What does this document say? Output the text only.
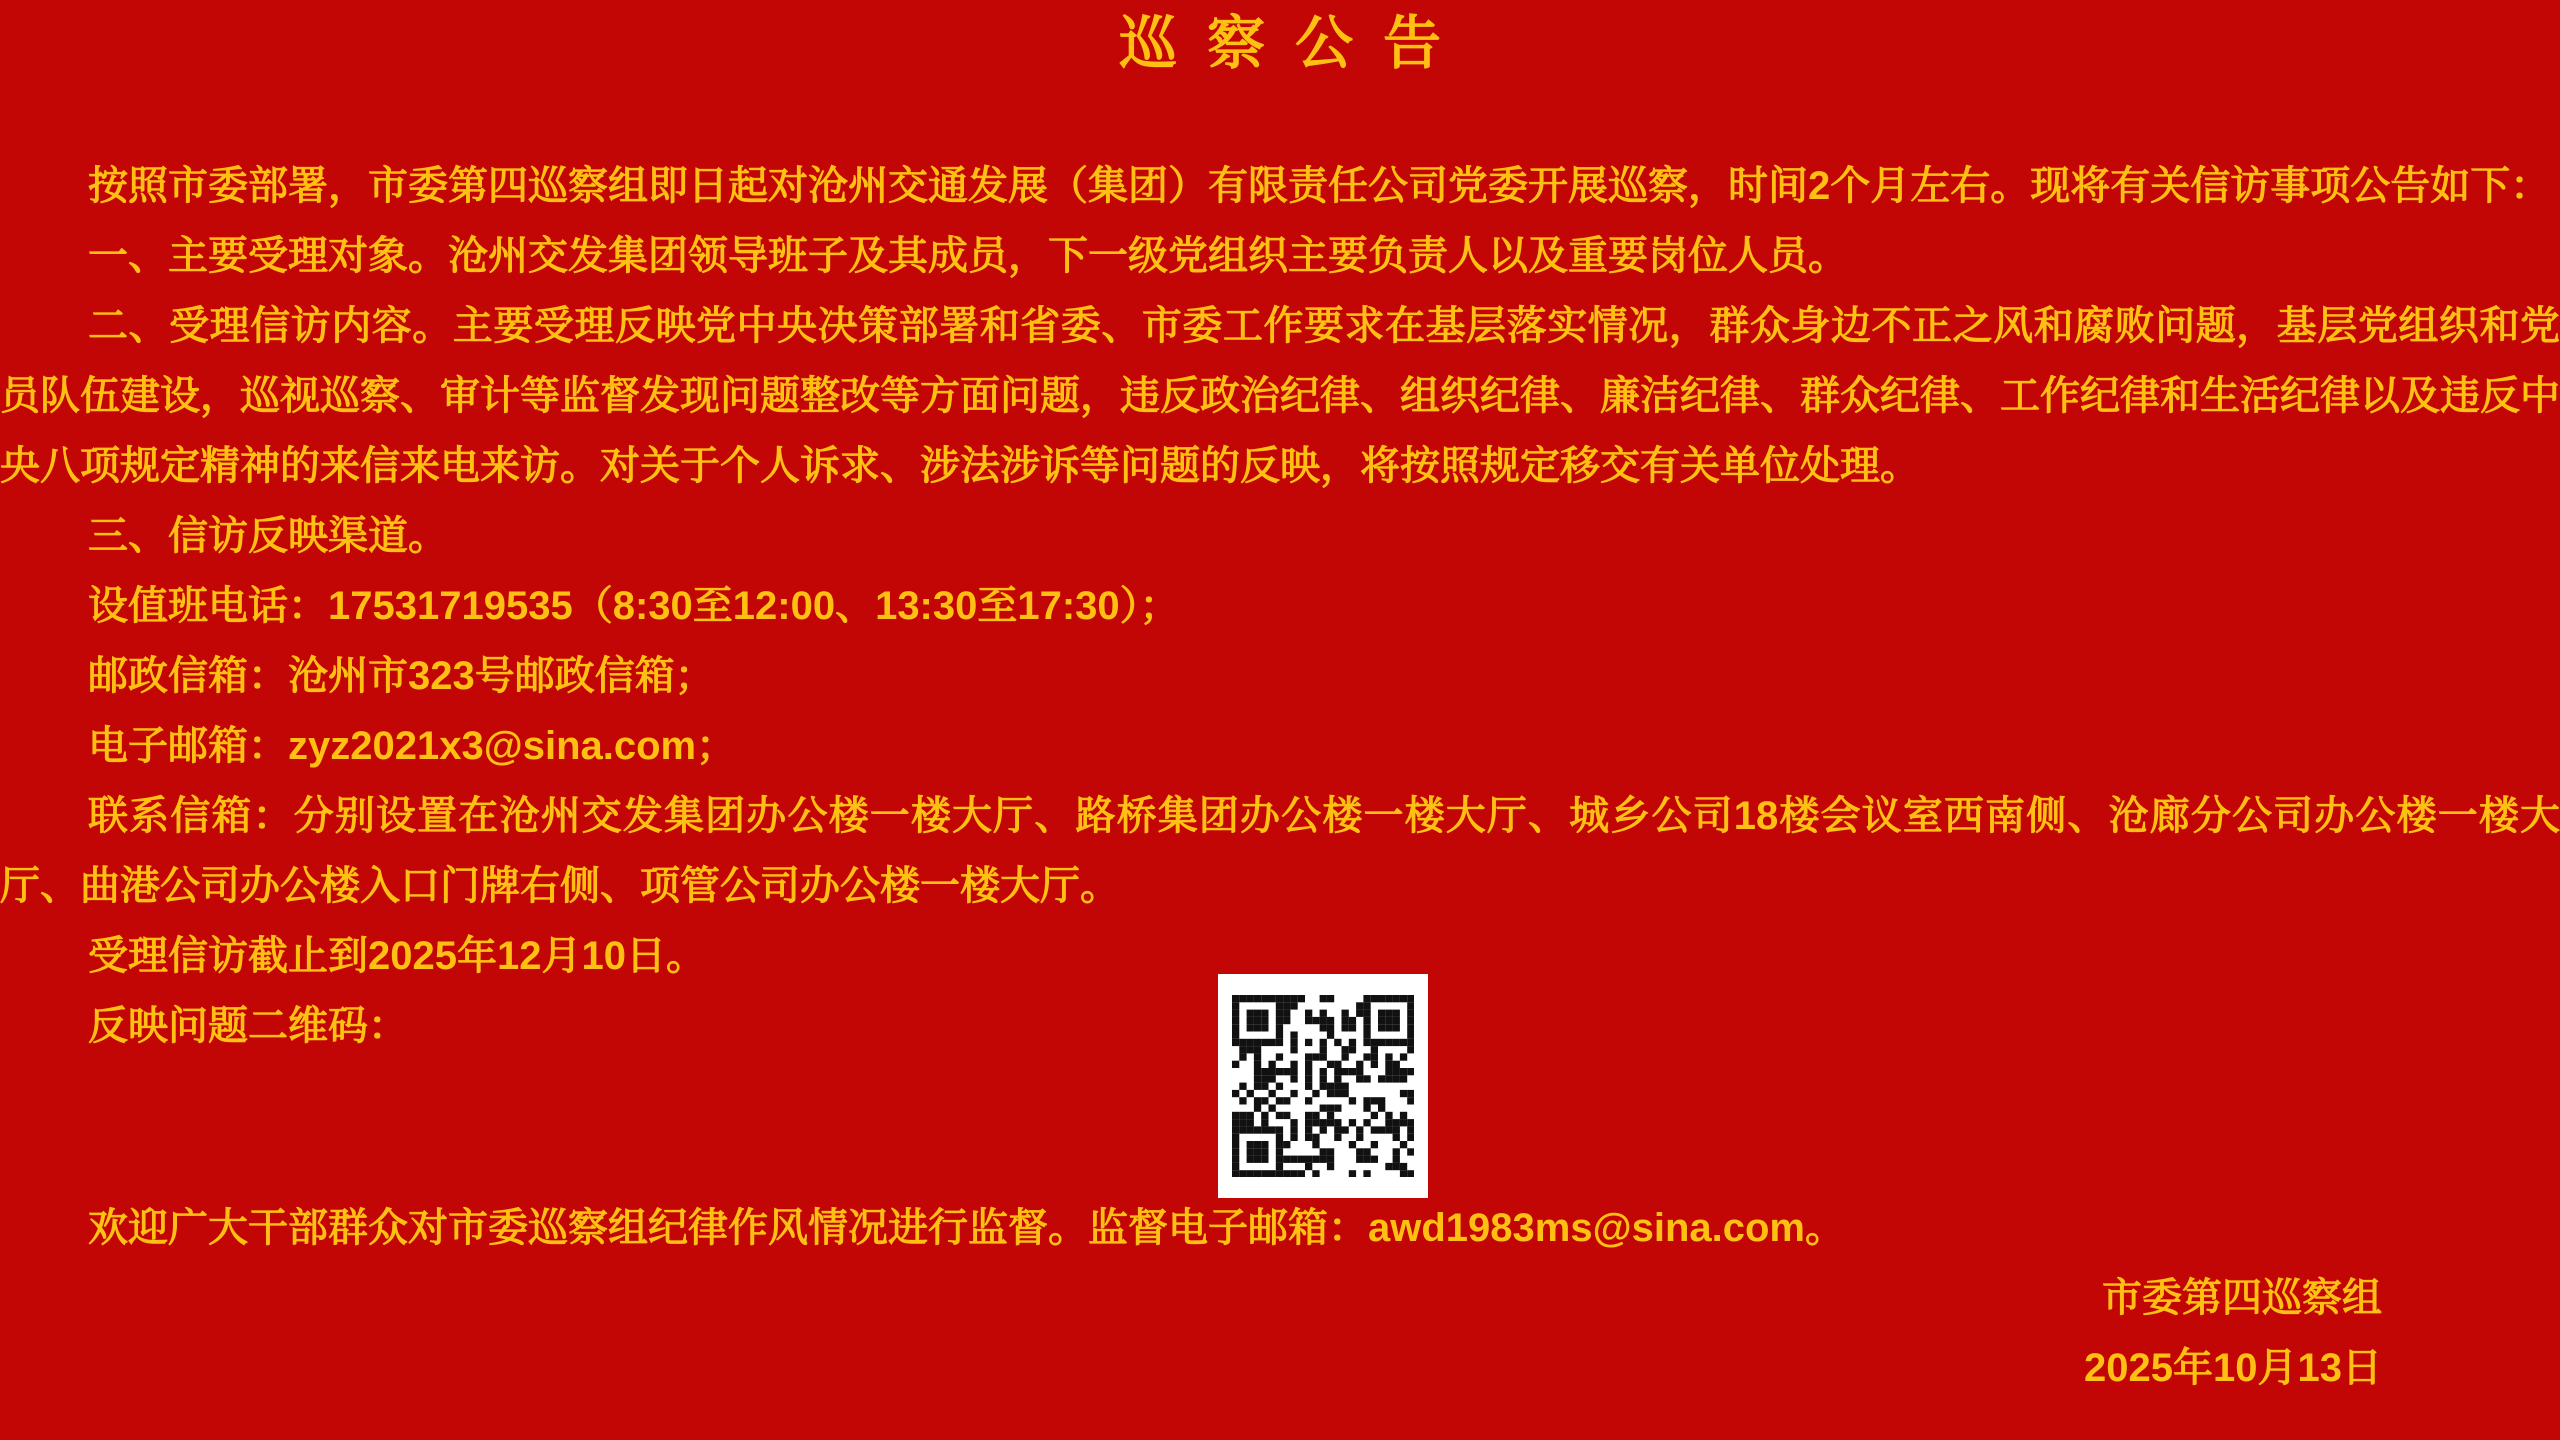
巡察公告

按照市委部署，市委第四巡察组即日起对沧州交通发展（集团）有限责任公司党委开展巡察，时间2个月左右。现将有关信访事项公告如下：

一、主要受理对象。沧州交发集团领导班子及其成员，下一级党组织主要负责人以及重要岗位人员。

二、受理信访内容。主要受理反映党中央决策部署和省委、市委工作要求在基层落实情况，群众身边不正之风和腐败问题，基层党组织和党员队伍建设，巡视巡察、审计等监督发现问题整改等方面问题，违反政治纪律、组织纪律、廉洁纪律、群众纪律、工作纪律和生活纪律以及违反中央八项规定精神的来信来电来访。对关于个人诉求、涉法涉诉等问题的反映，将按照规定移交有关单位处理。

三、信访反映渠道。

设值班电话：17531719535（8:30至12:00、13:30至17:30）；

邮政信箱：沧州市323号邮政信箱；

电子邮箱：zyz2021x3@sina.com；

联系信箱：分别设置在沧州交发集团办公楼一楼大厅、路桥集团办公楼一楼大厅、城乡公司18楼会议室西南侧、沧廊分公司办公楼一楼大厅、曲港公司办公楼入口门牌右侧、项管公司办公楼一楼大厅。

受理信访截止到2025年12月10日。

反映问题二维码：

欢迎广大干部群众对市委巡察组纪律作风情况进行监督。监督电子邮箱：awd1983ms@sina.com。

市委第四巡察组

2025年10月13日
